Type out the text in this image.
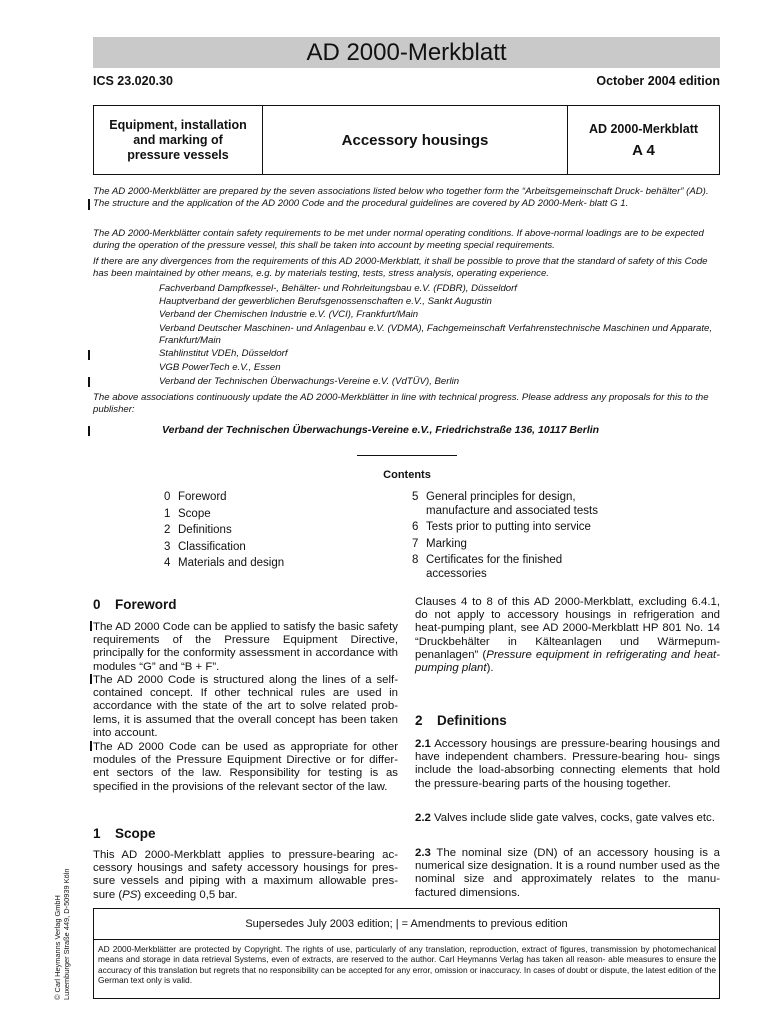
AD 2000-Merkblatt
ICS 23.020.30	October 2004 edition
Equipment, installation
and marking of
pressure vessels
Accessory housings
AD 2000-Merkblatt
A 4
The AD 2000-Merkblätter are prepared by the seven associations listed below who together form the “Arbeitsgemeinschaft Druck- behälter” (AD). The structure and the application of the AD 2000 Code and the procedural guidelines are covered by AD 2000-Merk- blatt G 1.
The AD 2000-Merkblätter contain safety requirements to be met under normal operating conditions. If above-normal loadings are to be expected during the operation of the pressure vessel, this shall be taken into account by meeting special requirements.
If there are any divergences from the requirements of this AD 2000-Merkblatt, it shall be possible to prove that the standard of safety of this Code has been maintained by other means, e.g. by materials testing, tests, stress analysis, operating experience.
Fachverband Dampfkessel-, Behälter- und Rohrleitungsbau e.V. (FDBR), Düsseldorf
Hauptverband der gewerblichen Berufsgenossenschaften e.V., Sankt Augustin
Verband der Chemischen Industrie e.V. (VCI), Frankfurt/Main
Verband Deutscher Maschinen- und Anlagenbau e.V. (VDMA), Fachgemeinschaft Verfahrenstechnische Maschinen und Apparate, Frankfurt/Main
Stahlinstitut VDEh, Düsseldorf
VGB PowerTech e.V., Essen
Verband der Technischen Überwachungs-Vereine e.V. (VdTÜV), Berlin
The above associations continuously update the AD 2000-Merkblätter in line with technical progress. Please address any proposals for this to the publisher:
Verband der Technischen Überwachungs-Vereine e.V., Friedrichstraße 136, 10117 Berlin
Contents
0 Foreword
1 Scope
2 Definitions
3 Classification
4 Materials and design
5 General principles for design,
manufacture and associated tests
6 Tests prior to putting into service
7 Marking
8 Certificates for the finished
accessories
0 Foreword
The AD 2000 Code can be applied to satisfy the basic safety requirements of the Pressure Equipment Directive, principally for the conformity assessment in accordance with modules “G” and “B + F”.
The AD 2000 Code is structured along the lines of a self- contained concept. If other technical rules are used in accordance with the state of the art to solve related prob- lems, it is assumed that the overall concept has been taken into account.
The AD 2000 Code can be used as appropriate for other modules of the Pressure Equipment Directive or for differ- ent sectors of the law. Responsibility for testing is as specified in the provisions of the relevant sector of the law.
1 Scope
This AD 2000-Merkblatt applies to pressure-bearing ac- cessory housings and safety accessory housings for pres- sure vessels and piping with a maximum allowable pres- sure (PS) exceeding 0,5 bar.
Clauses 4 to 8 of this AD 2000-Merkblatt, excluding 6.4.1, do not apply to accessory housings in refrigeration and heat-pumping plant, see AD 2000-Merkblatt HP 801 No. 14 “Druckbehälter in Kälteanlagen und Wärmepum- penanlagen” (Pressure equipment in refrigerating and heat-pumping plant).
2 Definitions
2.1 Accessory housings are pressure-bearing housings and have independent chambers. Pressure-bearing hou- sings include the load-absorbing connecting elements that hold the pressure-bearing parts of the housing together.
2.2 Valves include slide gate valves, cocks, gate valves etc.
2.3 The nominal size (DN) of an accessory housing is a numerical size designation. It is a round number used as the nominal size and approximately relates to the manu- factured dimensions.
Supersedes July 2003 edition; | = Amendments to previous edition
AD 2000-Merkblätter are protected by Copyright. The rights of use, particularly of any translation, reproduction, extract of figures, transmission by photomechanical means and storage in data retrieval Systems, even of extracts, are reserved to the author. Carl Heymanns Verlag has taken all reason- able measures to ensure the accuracy of this translation but regrets that no responsibility can be accepted for any error, omission or inaccuracy. In cases of doubt or dispute, the latest edition of the German text only is valid.
© Carl Heymanns Verlag GmbH Luxemburger Straße 449, D-50939 Köln
